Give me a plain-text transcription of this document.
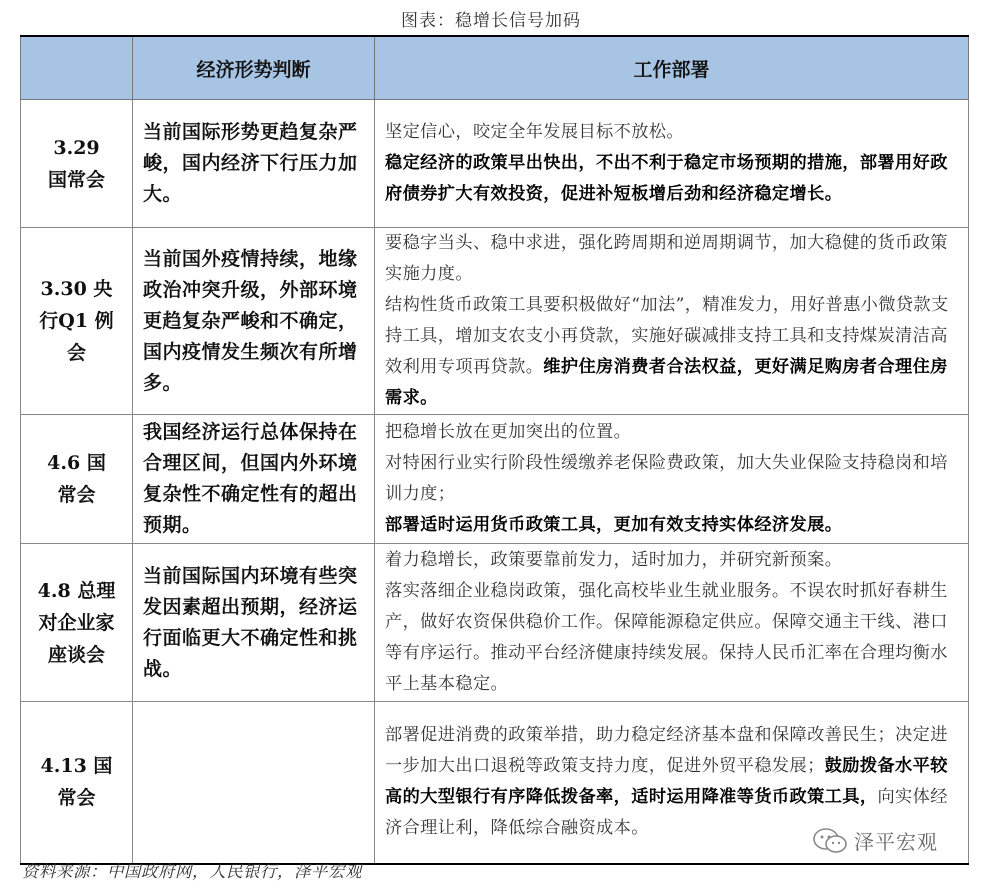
图表：稳增长信号加码
	经济形势判断	工作部署

3.29 国常会	当前国际形势更趋复杂严峻，国内经济下行压力加大。	坚定信心，咬定全年发展目标不放松。

稳定经济的政策早出快出，不出不利于稳定市场预期的措施，部署用好政府债券扩大有效投资，促进补短板增后劲和经济稳定增长。

3.30 央行Q1 例会	当前国外疫情持续，地缘政治冲突升级，外部环境更趋复杂严峻和不确定，国内疫情发生频次有所增多。	要稳字当头、稳中求进，强化跨周期和逆周期调节，加大稳健的货币政策实施力度。

结构性货币政策工具要积极做好“加法”，精准发力，用好普惠小微贷款支持工具，增加支农支小再贷款，实施好碳减排支持工具和支持煤炭清洁高效利用专项再贷款。维护住房消费者合法权益，更好满足购房者合理住房需求。

4.6 国常会	我国经济运行总体保持在合理区间，但国内外环境复杂性不确定性有的超出预期。	把稳增长放在更加突出的位置。

对特困行业实行阶段性缓缴养老保险费政策，加大失业保险支持稳岗和培训力度；

部署适时运用货币政策工具，更加有效支持实体经济发展。

4.8 总理对企业家座谈会	当前国际国内环境有些突发因素超出预期，经济运行面临更大不确定性和挑战。	着力稳增长，政策要靠前发力，适时加力，并研究新预案。

落实落细企业稳岗政策，强化高校毕业生就业服务。不误农时抓好春耕生产，做好农资保供稳价工作。保障能源稳定供应。保障交通主干线、港口等有序运行。推动平台经济健康持续发展。保持人民币汇率在合理均衡水平上基本稳定。

4.13 国常会		部署促进消费的政策举措，助力稳定经济基本盘和保障改善民生；决定进一步加大出口退税等政策支持力度，促进外贸平稳发展；鼓励拨备水平较高的大型银行有序降低拨备率，适时运用降准等货币政策工具，向实体经济合理让利，降低综合融资成本。

资料来源：中国政府网，人民银行，泽平宏观
泽平宏观
